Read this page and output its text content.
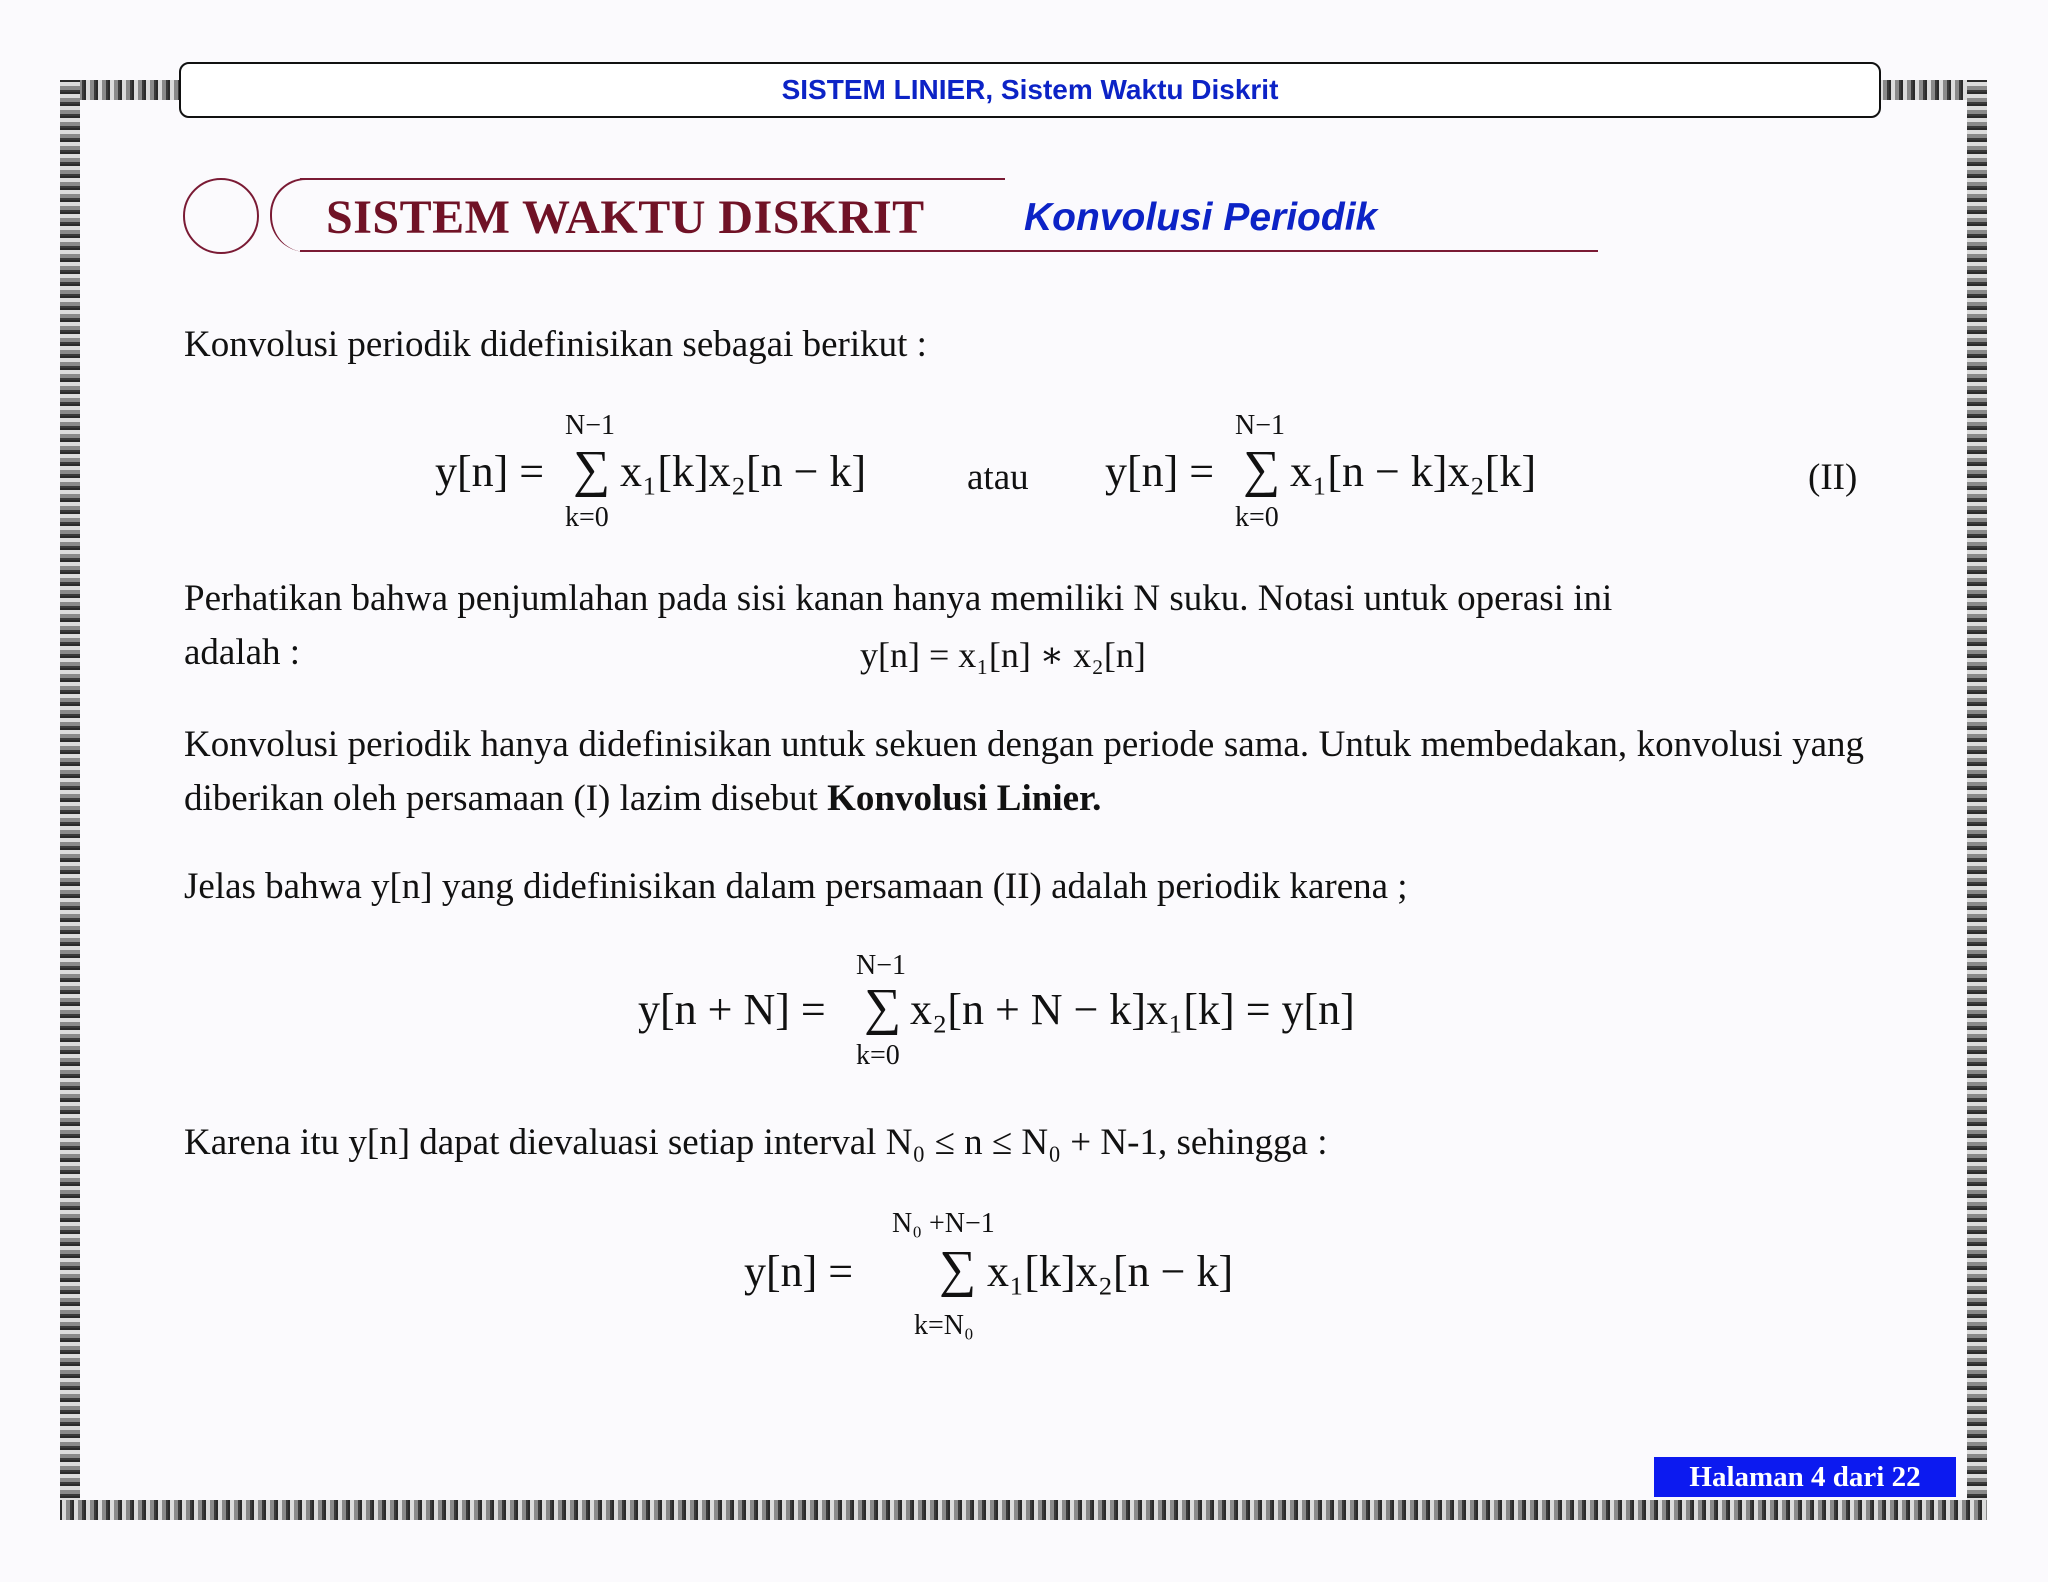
SISTEM LINIER, Sistem Waktu Diskrit
SISTEM WAKTU DISKRIT	Konvolusi Periodik

Konvolusi periodik didefinisikan sebagai berikut :

y[n] =
N−1
∑
k=0
x₁[k]x₂[n − k]	atau y[n] =
N−1
∑
k=0
x₁[n − k]x₂[k]	(II)
Perhatikan bahwa penjumlahan pada sisi kanan hanya memiliki N suku. Notasi untuk operasi ini
adalah :	y[n] = x₁[n] ∗ x₂[n]

Konvolusi periodik hanya didefinisikan untuk sekuen dengan periode sama. Untuk membedakan, konvolusi yang diberikan oleh persamaan (I) lazim disebut Konvolusi Linier.

Jelas bahwa y[n] yang didefinisikan dalam persamaan (II) adalah periodik karena ;

y[n + N] =
N−1
∑
k=0
x₂[n + N − k]x₁[k] = y[n]

Karena itu y[n] dapat dievaluasi setiap interval N₀ ≤ n ≤ N₀ + N-1, sehingga :

y[n] =
N₀ +N−1
∑
k=N₀
x₁[k]x₂[n − k]
Halaman 4 dari 22
